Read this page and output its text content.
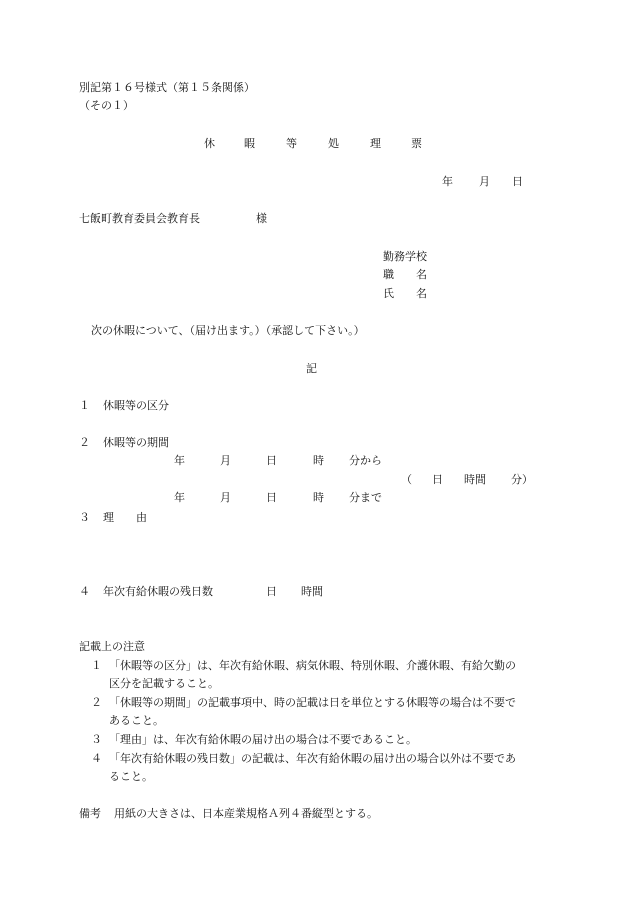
別記第１６号様式（第１５条関係）
（その１）
休	暇	等	処	理	票
年 月 日
七飯町教育委員会教育長	様
勤務学校
職　　名
氏　　名
次の休暇について、（届け出ます。）（承認して下さい。）
記
１ 休暇等の区分
２ 休暇等の期間
年	月	日	時 分から
（ 日 時間 分）
年	月	日	時 分まで
３ 理　　由
４ 年次有給休暇の残日数	日 時間
記載上の注意
１ 「休暇等の区分」は、年次有給休暇、病気休暇、特別休暇、介護休暇、有給欠勤の
区分を記載すること。
２ 「休暇等の期間」の記載事項中、時の記載は日を単位とする休暇等の場合は不要で
あること。
３ 「理由」は、年次有給休暇の届け出の場合は不要であること。
４ 「年次有給休暇の残日数」の記載は、年次有給休暇の届け出の場合以外は不要であ
ること。
備考 用紙の大きさは、日本産業規格Ａ列４番縦型とする。
